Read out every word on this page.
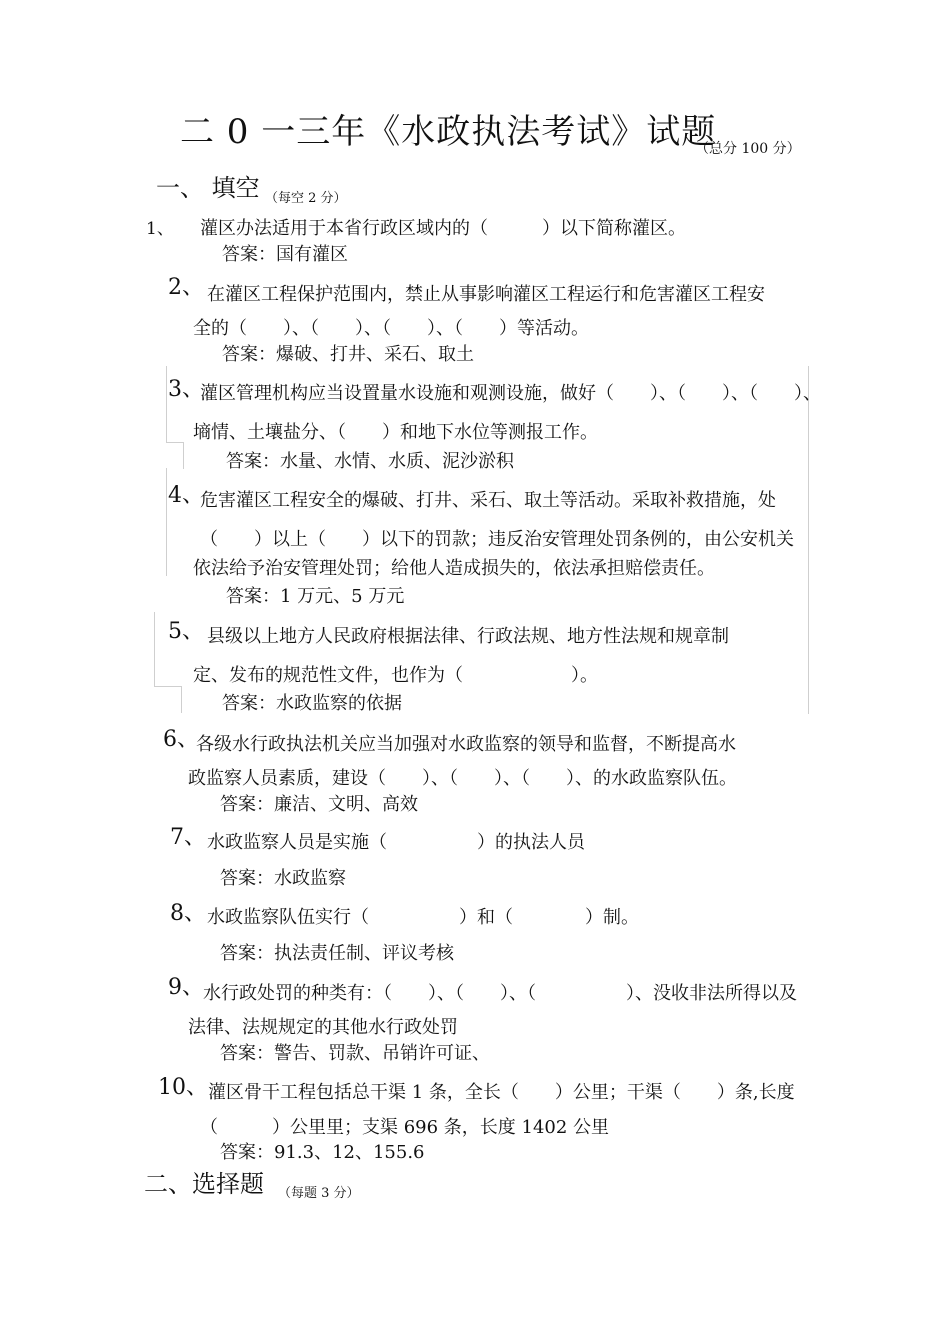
二 0 一三年《水政执法考试》试题
（总分 100 分）
一、 填空 （每空 2 分）
1、 灌区办法适用于本省行政区域内的（　　　）以下简称灌区。
答案：国有灌区
2、 在灌区工程保护范围内，禁止从事影响灌区工程运行和危害灌区工程安
全的（　　）、（　　）、（　　）、（　　）等活动。
答案：爆破、打井、采石、取土
3、
灌区管理机构应当设置量水设施和观测设施，做好（　　）、（　　）、（　　）、
墒情、土壤盐分、（　　）和地下水位等测报工作。
答案：水量、水情、水质、泥沙淤积
4、
危害灌区工程安全的爆破、打井、采石、取土等活动。采取补救措施，处
（　　）以上（　　）以下的罚款；违反治安管理处罚条例的，由公安机关
依法给予治安管理处罚；给他人造成损失的，依法承担赔偿责任。
答案：1 万元、5 万元
5、 县级以上地方人民政府根据法律、行政法规、地方性法规和规章制
定、发布的规范性文件，也作为（　　　　　　）。
答案：水政监察的依据
6、
各级水行政执法机关应当加强对水政监察的领导和监督，不断提高水
政监察人员素质，建设（　　）、（　　）、（　　）、的水政监察队伍。
答案：廉洁、文明、高效
7、 水政监察人员是实施（　　　　　）的执法人员
答案：水政监察
8、 水政监察队伍实行（　　　　　）和（　　　　）制。
答案：执法责任制、评议考核
9、 水行政处罚的种类有：（　　）、（　　）、（　　　　　）、没收非法所得以及
法律、法规规定的其他水行政处罚
答案：警告、罚款、吊销许可证、
10、 灌区骨干工程包括总干渠 1 条，全长（　　）公里；干渠（　　）条,长度
（　　　）公里里；支渠 696 条，长度 1402 公里
答案：91.3、12、155.6
二、选择题 （每题 3 分）
